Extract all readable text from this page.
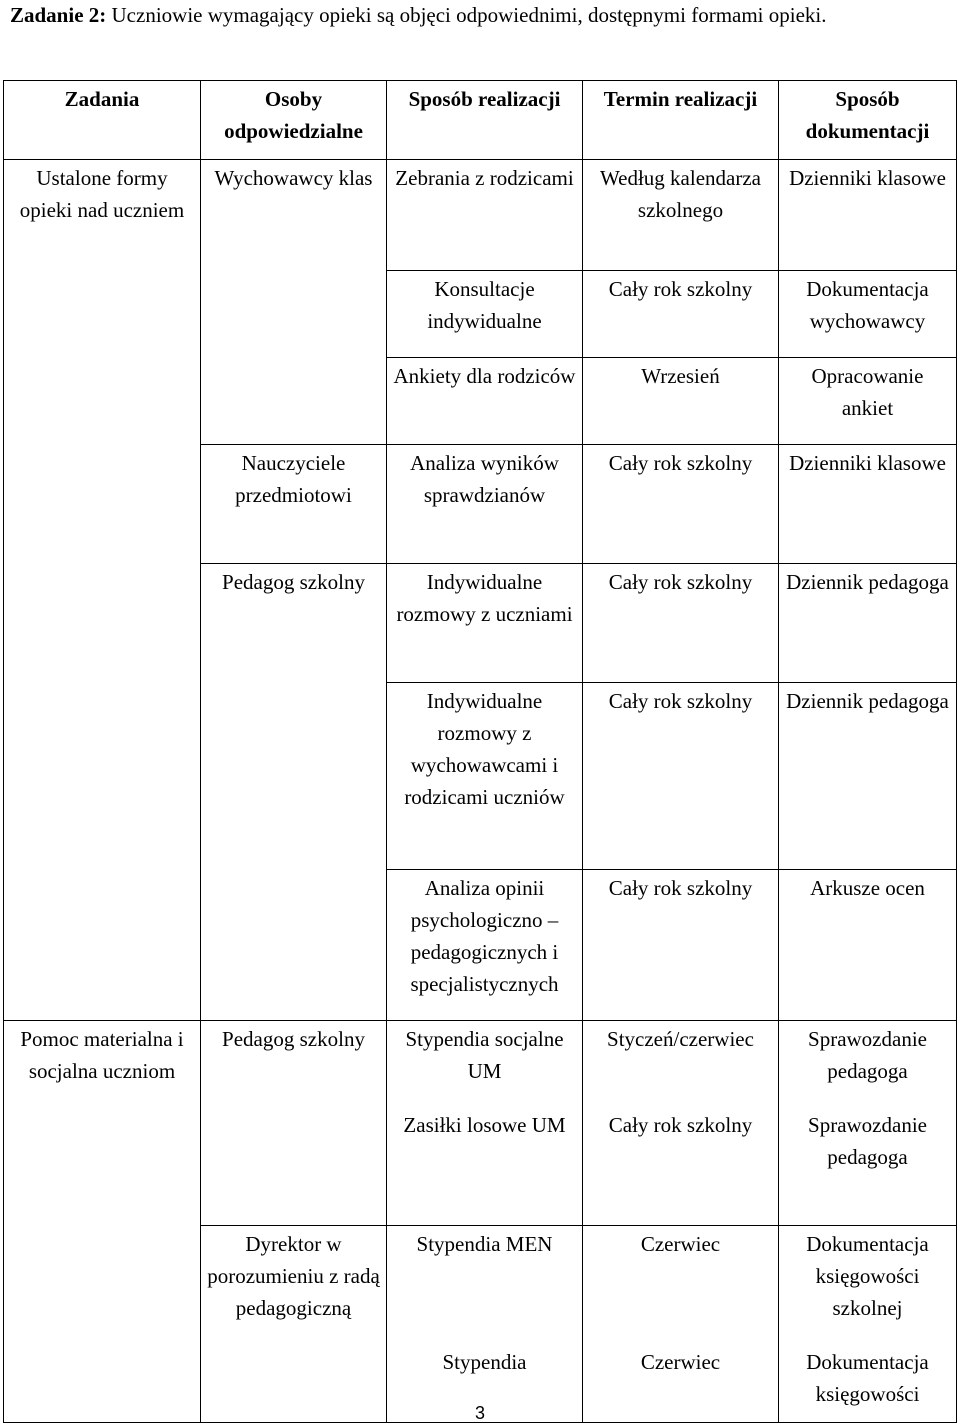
Zadanie 2: Uczniowie wymagający opieki są objęci odpowiednimi, dostępnymi formami opieki.
Zadania	Osoby odpowiedzialne	Sposób realizacji	Termin realizacji	Sposób dokumentacji
Ustalone formy opieki nad uczniem	Wychowawcy klas	Zebrania z rodzicami	Według kalendarza szkolnego	Dzienniki klasowe
		Konsultacje indywidualne	Cały rok szkolny	Dokumentacja wychowawcy
		Ankiety dla rodziców	Wrzesień	Opracowanie ankiet
	Nauczyciele przedmiotowi	Analiza wyników sprawdzianów	Cały rok szkolny	Dzienniki klasowe
	Pedagog szkolny	Indywidualne rozmowy z uczniami	Cały rok szkolny	Dziennik pedagoga
		Indywidualne rozmowy z wychowawcami i rodzicami uczniów	Cały rok szkolny	Dziennik pedagoga
		Analiza opinii psychologiczno – pedagogicznych i specjalistycznych	Cały rok szkolny	Arkusze ocen
Pomoc materialna i socjalna uczniom	Pedagog szkolny	Stypendia socjalne UM	Styczeń/czerwiec	Sprawozdanie pedagoga
		Zasiłki losowe UM	Cały rok szkolny	Sprawozdanie pedagoga
	Dyrektor w porozumieniu z radą pedagogiczną	Stypendia MEN	Czerwiec	Dokumentacja księgowości szkolnej
		Stypendia	Czerwiec	Dokumentacja księgowości
3
